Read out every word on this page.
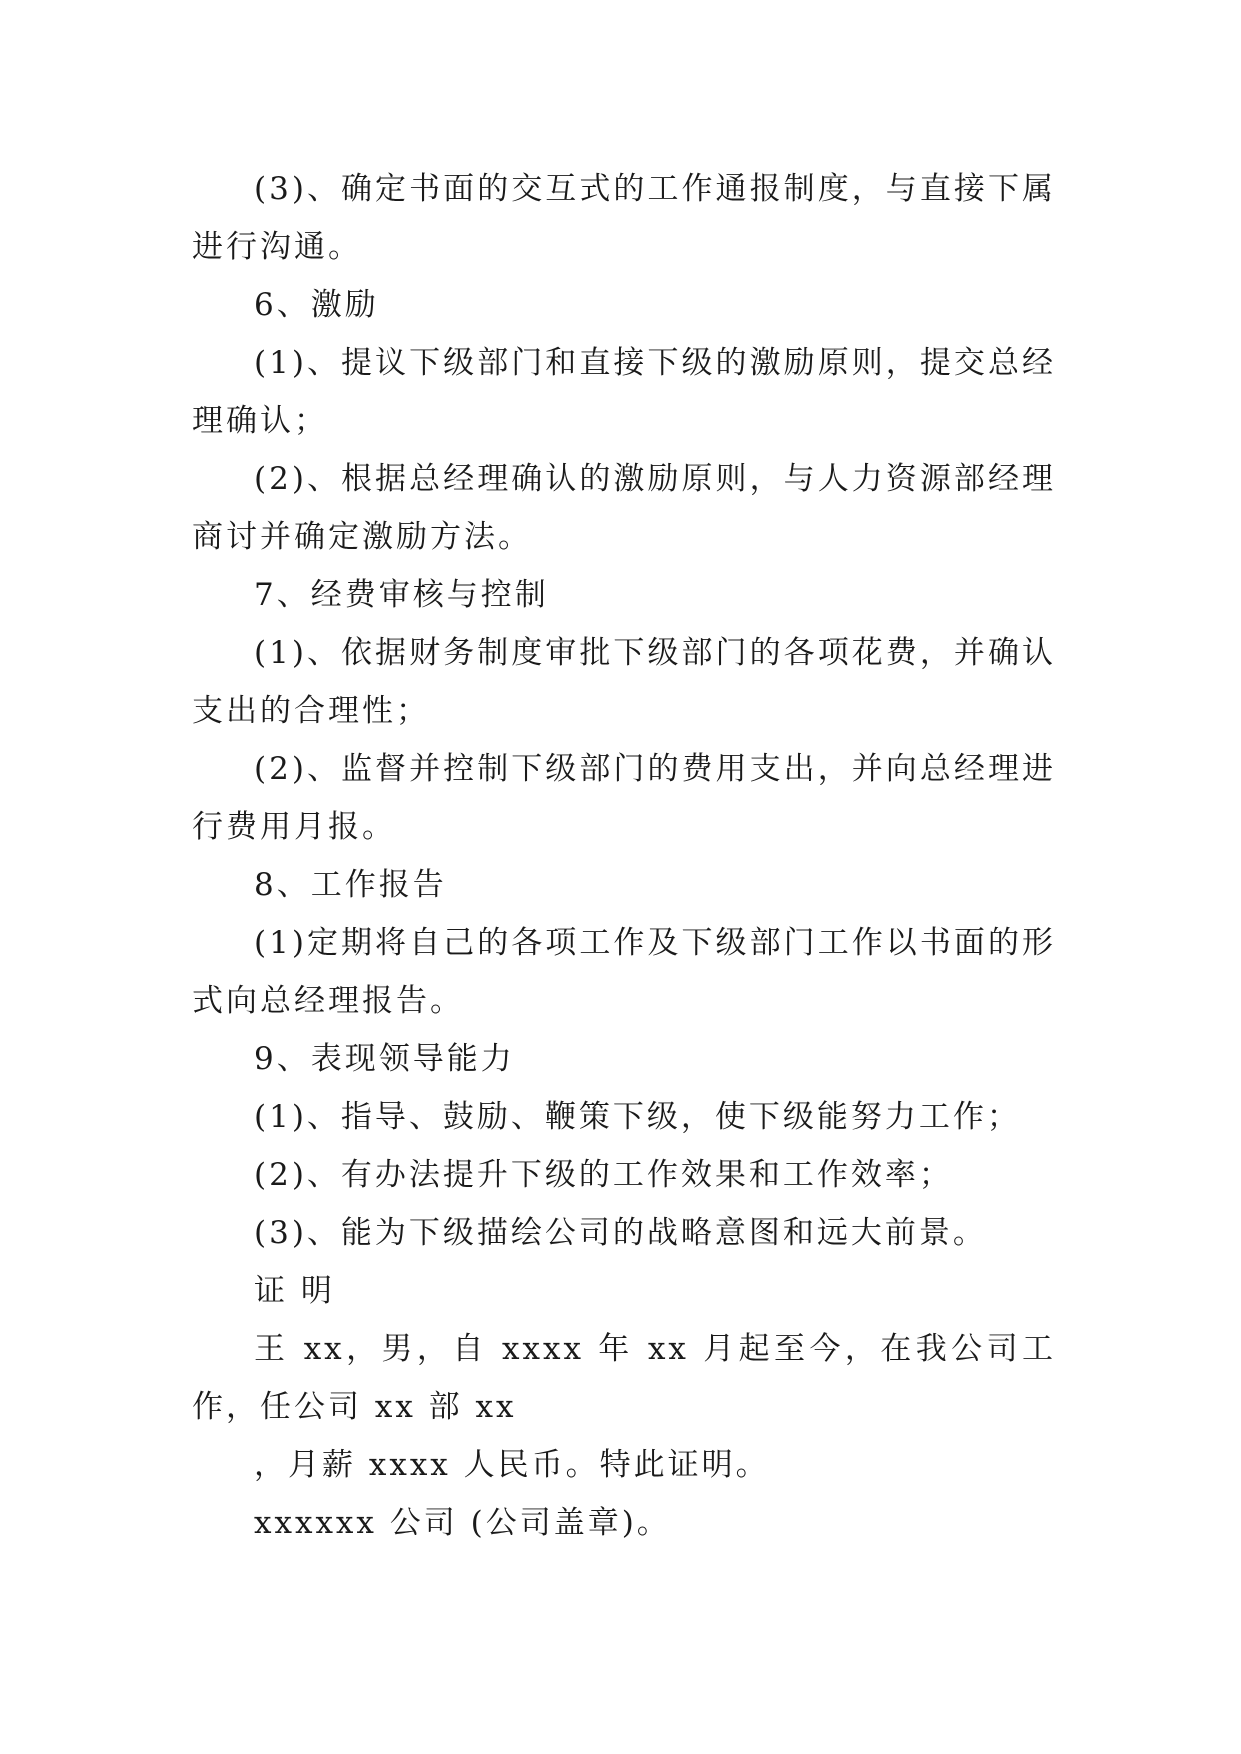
(3)、确定书面的交互式的工作通报制度，与直接下属进行沟通。

6、激励

(1)、提议下级部门和直接下级的激励原则，提交总经理确认；

(2)、根据总经理确认的激励原则，与人力资源部经理商讨并确定激励方法。

7、经费审核与控制

(1)、依据财务制度审批下级部门的各项花费，并确认支出的合理性；

(2)、监督并控制下级部门的费用支出，并向总经理进行费用月报。

8、工作报告

(1)定期将自己的各项工作及下级部门工作以书面的形式向总经理报告。

9、表现领导能力

(1)、指导、鼓励、鞭策下级，使下级能努力工作；

(2)、有办法提升下级的工作效果和工作效率；

(3)、能为下级描绘公司的战略意图和远大前景。

证 明

王 xx，男，自 xxxx 年 xx 月起至今，在我公司工作，任公司 xx 部 xx

，月薪 xxxx 人民币。特此证明。

xxxxxx 公司 (公司盖章)。
